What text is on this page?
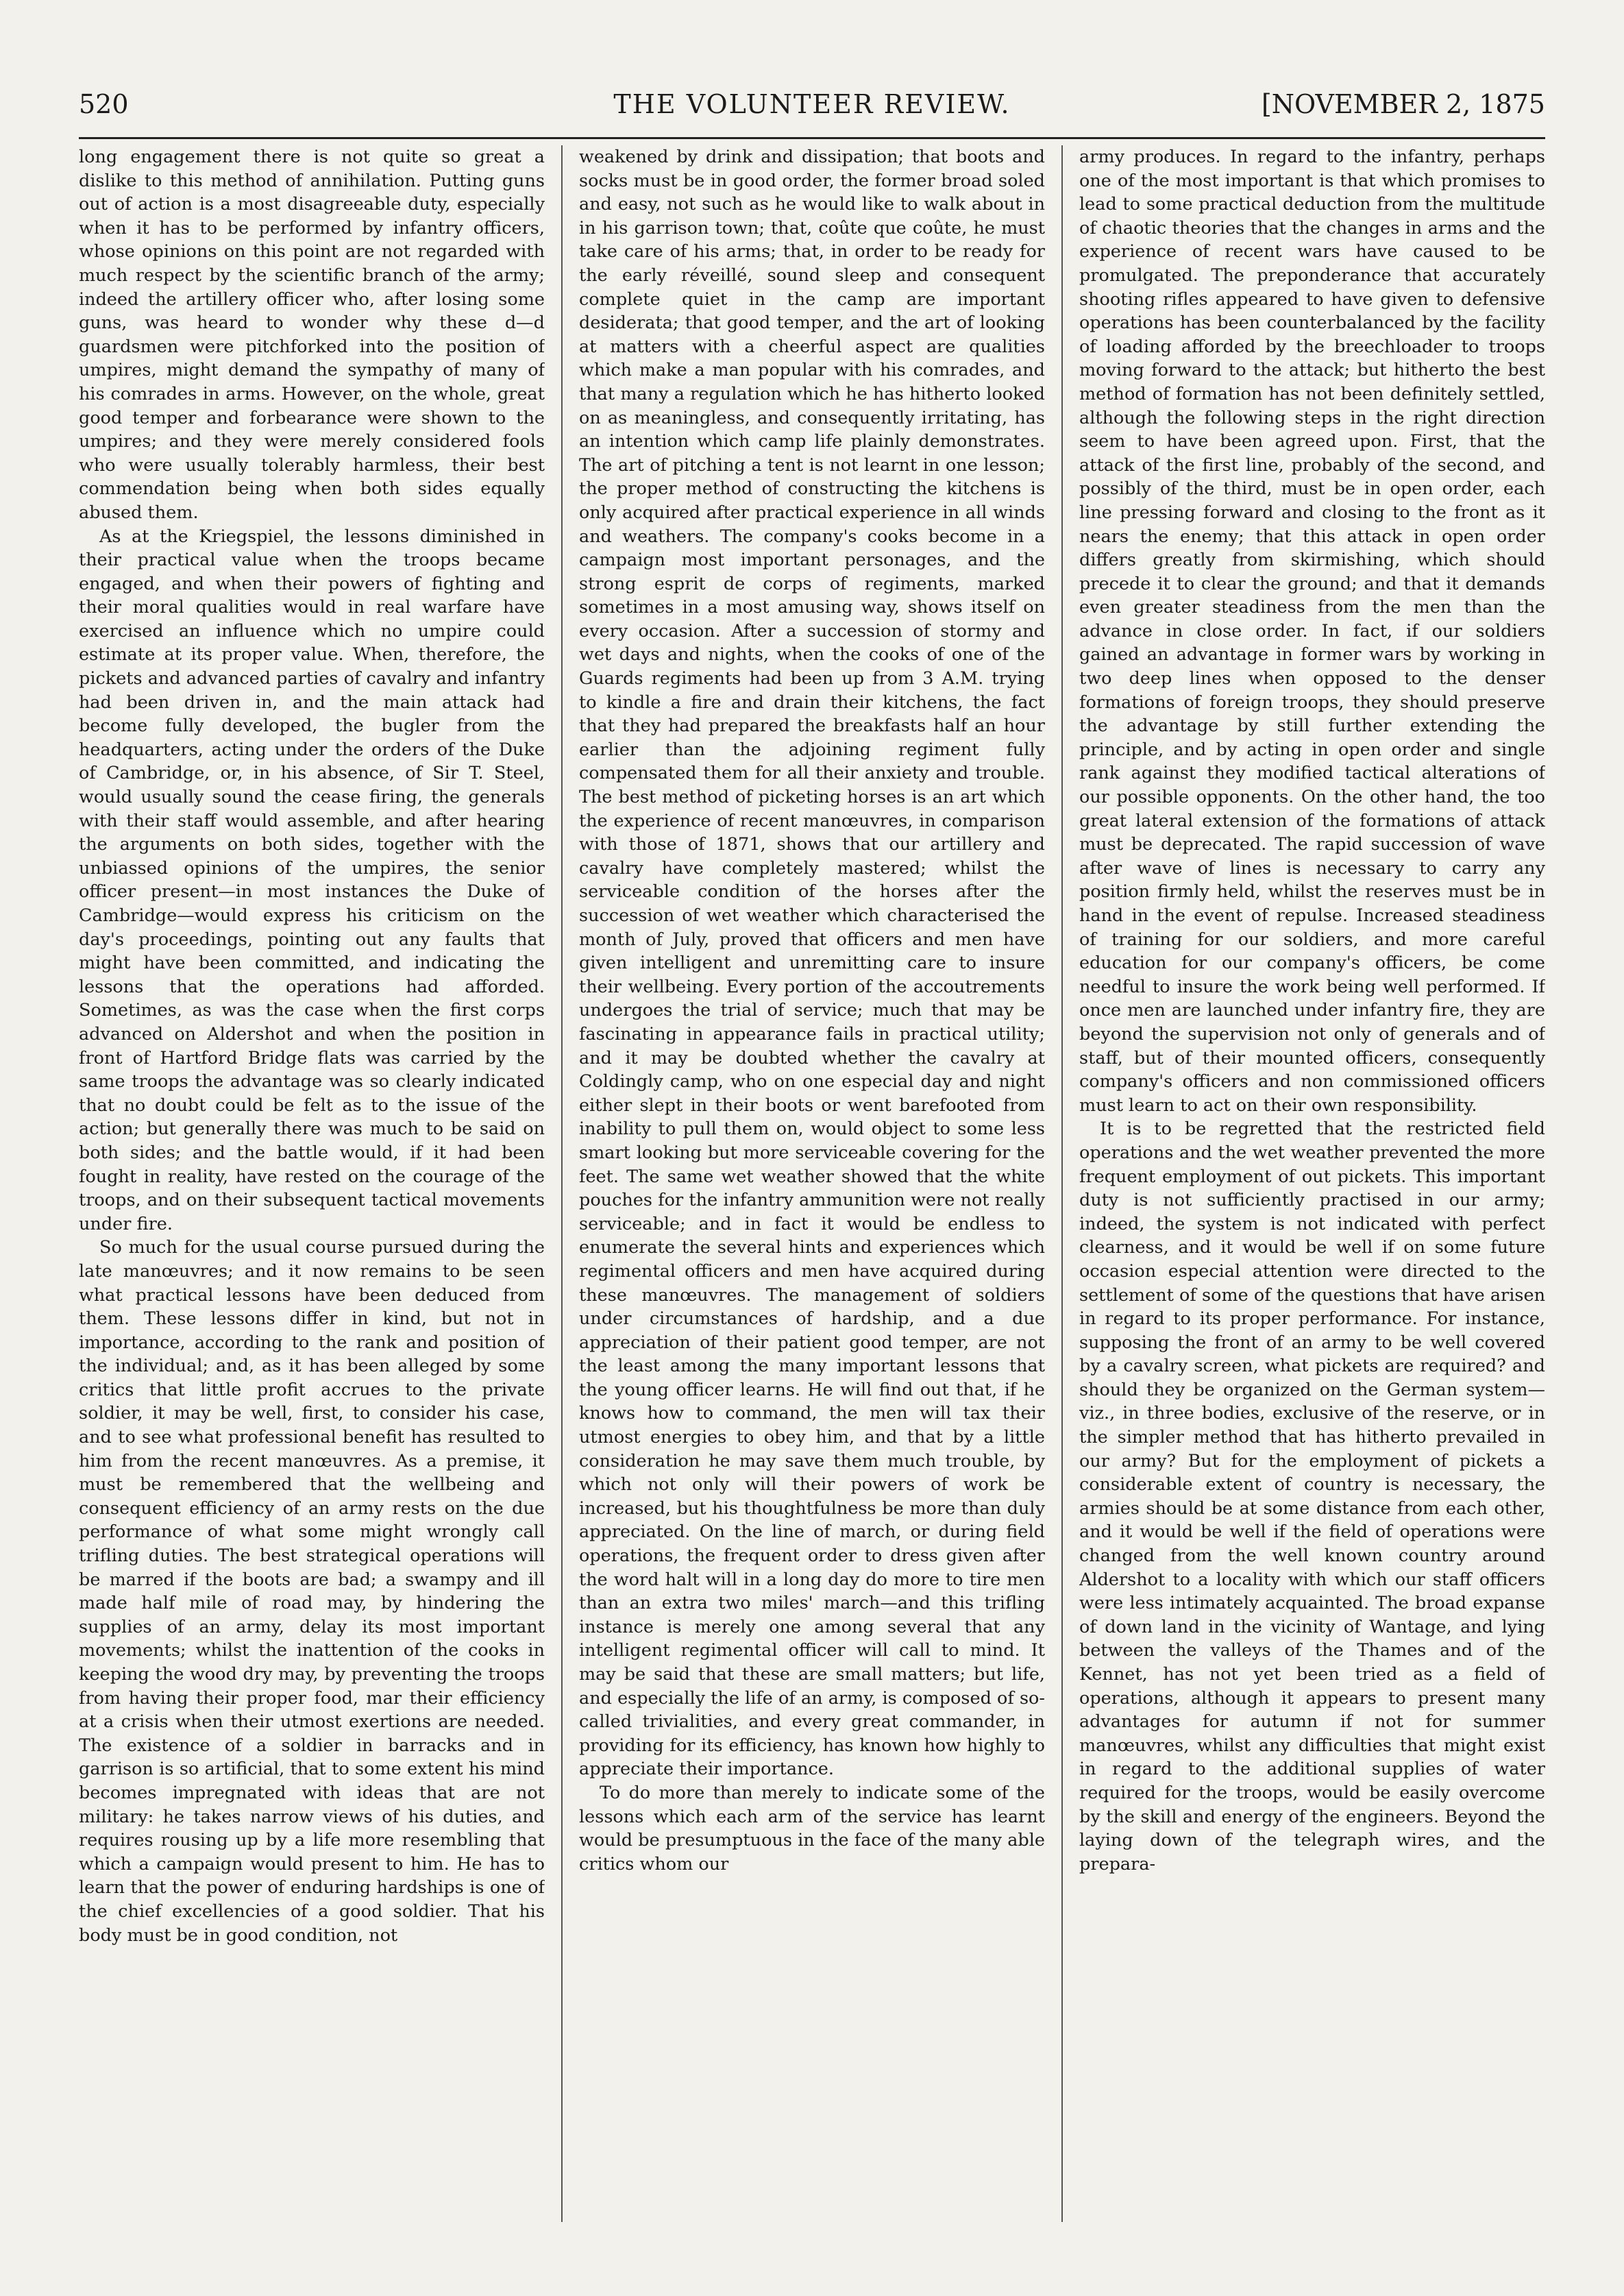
520	THE VOLUNTEER REVIEW.	[NOVEMBER 2, 1875

long engagement there is not quite so great a dislike to this method of annihilation. Putting guns out of action is a most disagreeable duty, especially when it has to be performed by infantry officers, whose opinions on this point are not regarded with much respect by the scientific branch of the army; indeed the artillery officer who, after losing some guns, was heard to wonder why these d—d guardsmen were pitchforked into the position of umpires, might demand the sympathy of many of his comrades in arms. However, on the whole, great good temper and forbearance were shown to the umpires; and they were merely considered fools who were usually tolerably harmless, their best commendation being when both sides equally abused them.

As at the Kriegspiel, the lessons diminished in their practical value when the troops became engaged, and when their powers of fighting and their moral qualities would in real warfare have exercised an influence which no umpire could estimate at its proper value. When, therefore, the pickets and advanced parties of cavalry and infantry had been driven in, and the main attack had become fully developed, the bugler from the headquarters, acting under the orders of the Duke of Cambridge, or, in his absence, of Sir T. Steel, would usually sound the cease firing, the generals with their staff would assemble, and after hearing the arguments on both sides, together with the unbiassed opinions of the umpires, the senior officer present—in most instances the Duke of Cambridge—would express his criticism on the day's proceedings, pointing out any faults that might have been committed, and indicating the lessons that the operations had afforded. Sometimes, as was the case when the first corps advanced on Aldershot and when the position in front of Hartford Bridge flats was carried by the same troops the advantage was so clearly indicated that no doubt could be felt as to the issue of the action; but generally there was much to be said on both sides; and the battle would, if it had been fought in reality, have rested on the courage of the troops, and on their subsequent tactical movements under fire.

So much for the usual course pursued during the late manœuvres; and it now remains to be seen what practical lessons have been deduced from them. These lessons differ in kind, but not in importance, according to the rank and position of the individual; and, as it has been alleged by some critics that little profit accrues to the private soldier, it may be well, first, to consider his case, and to see what professional benefit has resulted to him from the recent manœuvres. As a premise, it must be remembered that the wellbeing and consequent efficiency of an army rests on the due performance of what some might wrongly call trifling duties. The best strategical operations will be marred if the boots are bad; a swampy and ill made half mile of road may, by hindering the supplies of an army, delay its most important movements; whilst the inattention of the cooks in keeping the wood dry may, by preventing the troops from having their proper food, mar their efficiency at a crisis when their utmost exertions are needed. The existence of a soldier in barracks and in garrison is so artificial, that to some extent his mind becomes impregnated with ideas that are not military: he takes narrow views of his duties, and requires rousing up by a life more resembling that which a campaign would present to him. He has to learn that the power of enduring hardships is one of the chief excellencies of a good soldier. That his body must be in good condition, not

weakened by drink and dissipation; that boots and socks must be in good order, the former broad soled and easy, not such as he would like to walk about in in his garrison town; that, coûte que coûte, he must take care of his arms; that, in order to be ready for the early réveillé, sound sleep and consequent complete quiet in the camp are important desiderata; that good temper, and the art of looking at matters with a cheerful aspect are qualities which make a man popular with his comrades, and that many a regulation which he has hitherto looked on as meaningless, and consequently irritating, has an intention which camp life plainly demonstrates. The art of pitching a tent is not learnt in one lesson; the proper method of constructing the kitchens is only acquired after practical experience in all winds and weathers. The company's cooks become in a campaign most important personages, and the strong esprit de corps of regiments, marked sometimes in a most amusing way, shows itself on every occasion. After a succession of stormy and wet days and nights, when the cooks of one of the Guards regiments had been up from 3 A.M. trying to kindle a fire and drain their kitchens, the fact that they had prepared the breakfasts half an hour earlier than the adjoining regiment fully compensated them for all their anxiety and trouble. The best method of picketing horses is an art which the experience of recent manœuvres, in comparison with those of 1871, shows that our artillery and cavalry have completely mastered; whilst the serviceable condition of the horses after the succession of wet weather which characterised the month of July, proved that officers and men have given intelligent and unremitting care to insure their wellbeing. Every portion of the accoutrements undergoes the trial of service; much that may be fascinating in appearance fails in practical utility; and it may be doubted whether the cavalry at Coldingly camp, who on one especial day and night either slept in their boots or went barefooted from inability to pull them on, would object to some less smart looking but more serviceable covering for the feet. The same wet weather showed that the white pouches for the infantry ammunition were not really serviceable; and in fact it would be endless to enumerate the several hints and experiences which regimental officers and men have acquired during these manœuvres. The management of soldiers under circumstances of hardship, and a due appreciation of their patient good temper, are not the least among the many important lessons that the young officer learns. He will find out that, if he knows how to command, the men will tax their utmost energies to obey him, and that by a little consideration he may save them much trouble, by which not only will their powers of work be increased, but his thoughtfulness be more than duly appreciated. On the line of march, or during field operations, the frequent order to dress given after the word halt will in a long day do more to tire men than an extra two miles' march—and this trifling instance is merely one among several that any intelligent regimental officer will call to mind. It may be said that these are small matters; but life, and especially the life of an army, is composed of so-called trivialities, and every great commander, in providing for its efficiency, has known how highly to appreciate their importance.

To do more than merely to indicate some of the lessons which each arm of the service has learnt would be presumptuous in the face of the many able critics whom our

army produces. In regard to the infantry, perhaps one of the most important is that which promises to lead to some practical deduction from the multitude of chaotic theories that the changes in arms and the experience of recent wars have caused to be promulgated. The preponderance that accurately shooting rifles appeared to have given to defensive operations has been counterbalanced by the facility of loading afforded by the breechloader to troops moving forward to the attack; but hitherto the best method of formation has not been definitely settled, although the following steps in the right direction seem to have been agreed upon. First, that the attack of the first line, probably of the second, and possibly of the third, must be in open order, each line pressing forward and closing to the front as it nears the enemy; that this attack in open order differs greatly from skirmishing, which should precede it to clear the ground; and that it demands even greater steadiness from the men than the advance in close order. In fact, if our soldiers gained an advantage in former wars by working in two deep lines when opposed to the denser formations of foreign troops, they should preserve the advantage by still further extending the principle, and by acting in open order and single rank against they modified tactical alterations of our possible opponents. On the other hand, the too great lateral extension of the formations of attack must be deprecated. The rapid succession of wave after wave of lines is necessary to carry any position firmly held, whilst the reserves must be in hand in the event of repulse. Increased steadiness of training for our soldiers, and more careful education for our company's officers, be come needful to insure the work being well performed. If once men are launched under infantry fire, they are beyond the supervision not only of generals and of staff, but of their mounted officers, consequently company's officers and non commissioned officers must learn to act on their own responsibility.

It is to be regretted that the restricted field operations and the wet weather prevented the more frequent employment of out pickets. This important duty is not sufficiently practised in our army; indeed, the system is not indicated with perfect clearness, and it would be well if on some future occasion especial attention were directed to the settlement of some of the questions that have arisen in regard to its proper performance. For instance, supposing the front of an army to be well covered by a cavalry screen, what pickets are required? and should they be organized on the German system—viz., in three bodies, exclusive of the reserve, or in the simpler method that has hitherto prevailed in our army? But for the employment of pickets a considerable extent of country is necessary, the armies should be at some distance from each other, and it would be well if the field of operations were changed from the well known country around Aldershot to a locality with which our staff officers were less intimately acquainted. The broad expanse of down land in the vicinity of Wantage, and lying between the valleys of the Thames and of the Kennet, has not yet been tried as a field of operations, although it appears to present many advantages for autumn if not for summer manœuvres, whilst any difficulties that might exist in regard to the additional supplies of water required for the troops, would be easily overcome by the skill and energy of the engineers. Beyond the laying down of the telegraph wires, and the prepara-
